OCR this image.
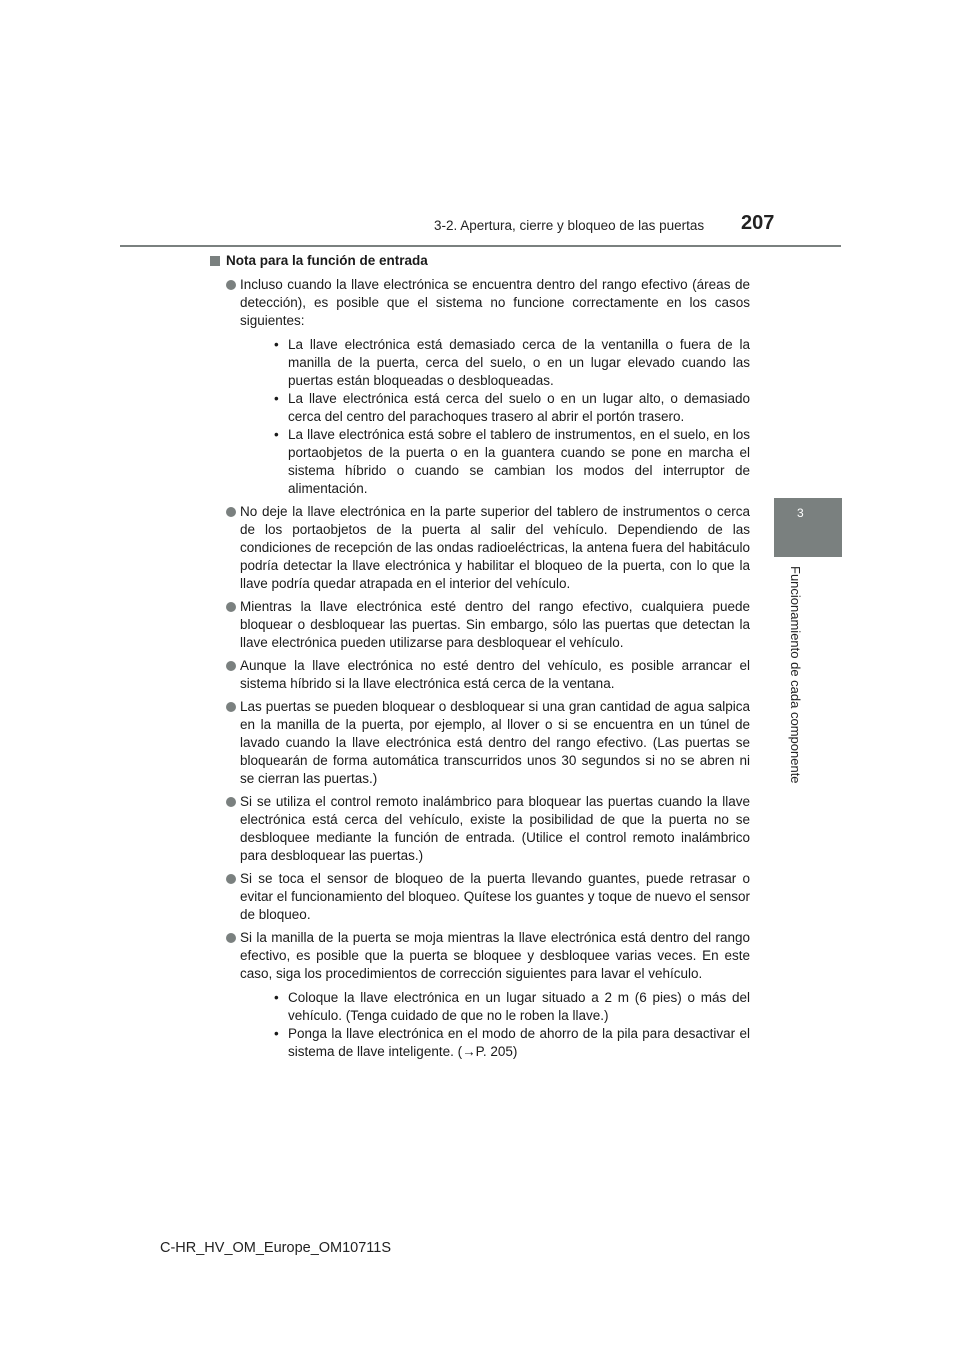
3-2. Apertura, cierre y bloqueo de las puertas 207
3
Funcionamiento de cada componente
Nota para la función de entrada
Incluso cuando la llave electrónica se encuentra dentro del rango efectivo (áreas de detección), es posible que el sistema no funcione correctamente en los casos siguientes:
• La llave electrónica está demasiado cerca de la ventanilla o fuera de la manilla de la puerta, cerca del suelo, o en un lugar elevado cuando las puertas están bloqueadas o desbloqueadas.
• La llave electrónica está cerca del suelo o en un lugar alto, o demasiado cerca del centro del parachoques trasero al abrir el portón trasero.
• La llave electrónica está sobre el tablero de instrumentos, en el suelo, en los portaobjetos de la puerta o en la guantera cuando se pone en marcha el sistema híbrido o cuando se cambian los modos del interruptor de alimentación.
No deje la llave electrónica en la parte superior del tablero de instrumentos o cerca de los portaobjetos de la puerta al salir del vehículo. Dependiendo de las condiciones de recepción de las ondas radioeléctricas, la antena fuera del habitáculo podría detectar la llave electrónica y habilitar el bloqueo de la puerta, con lo que la llave podría quedar atrapada en el interior del vehículo.
Mientras la llave electrónica esté dentro del rango efectivo, cualquiera puede bloquear o desbloquear las puertas. Sin embargo, sólo las puertas que detectan la llave electrónica pueden utilizarse para desbloquear el vehículo.
Aunque la llave electrónica no esté dentro del vehículo, es posible arrancar el sistema híbrido si la llave electrónica está cerca de la ventana.
Las puertas se pueden bloquear o desbloquear si una gran cantidad de agua salpica en la manilla de la puerta, por ejemplo, al llover o si se encuentra en un túnel de lavado cuando la llave electrónica está dentro del rango efectivo. (Las puertas se bloquearán de forma automática transcurridos unos 30 segundos si no se abren ni se cierran las puertas.)
Si se utiliza el control remoto inalámbrico para bloquear las puertas cuando la llave electrónica está cerca del vehículo, existe la posibilidad de que la puerta no se desbloquee mediante la función de entrada. (Utilice el control remoto inalámbrico para desbloquear las puertas.)
Si se toca el sensor de bloqueo de la puerta llevando guantes, puede retrasar o evitar el funcionamiento del bloqueo. Quítese los guantes y toque de nuevo el sensor de bloqueo.
Si la manilla de la puerta se moja mientras la llave electrónica está dentro del rango efectivo, es posible que la puerta se bloquee y desbloquee varias veces. En este caso, siga los procedimientos de corrección siguientes para lavar el vehículo.
• Coloque la llave electrónica en un lugar situado a 2 m (6 pies) o más del vehículo. (Tenga cuidado de que no le roben la llave.)
• Ponga la llave electrónica en el modo de ahorro de la pila para desactivar el sistema de llave inteligente. (→P. 205)
C-HR_HV_OM_Europe_OM10711S
